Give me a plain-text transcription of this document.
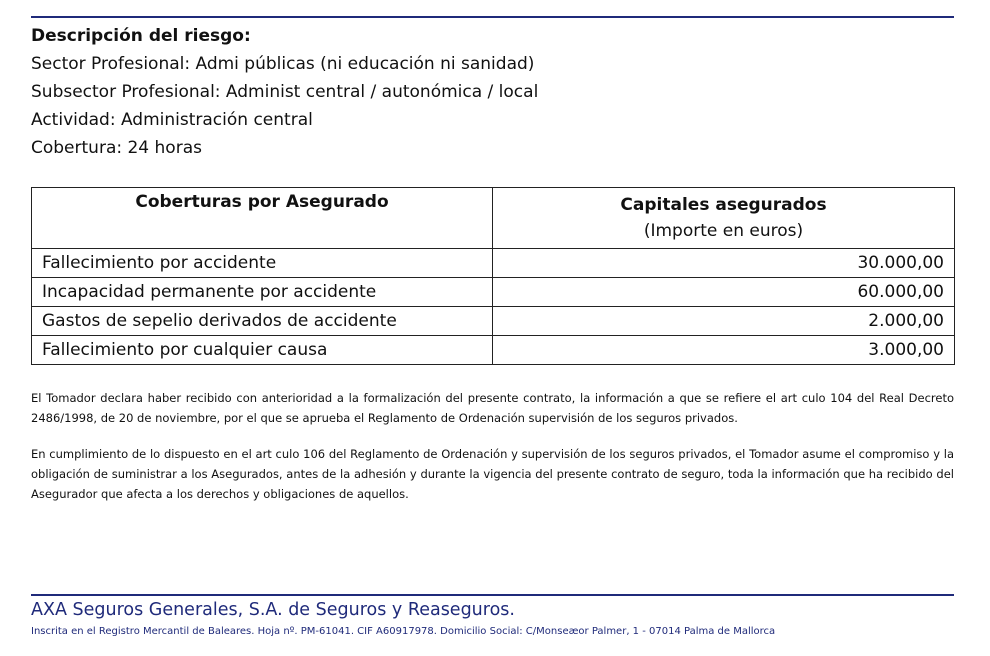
Descripción del riesgo:
Sector Profesional: Admi públicas (ni educación ni sanidad)
Subsector Profesional: Administ central / autonómica / local
Actividad: Administración central
Cobertura: 24 horas
Coberturas por Asegurado	Capitales asegurados
(Importe en euros)

Fallecimiento por accidente	30.000,00
Incapacidad permanente por accidente	60.000,00
Gastos de sepelio derivados de accidente	2.000,00
Fallecimiento por cualquier causa	3.000,00
El Tomador declara haber recibido con anterioridad a la formalización del presente contrato, la información a que se refiere el art culo 104 del Real Decreto 2486/1998, de 20 de noviembre, por el que se aprueba el Reglamento de Ordenación supervisión de los seguros privados.
En cumplimiento de lo dispuesto en el art culo 106 del Reglamento de Ordenación y supervisión de los seguros privados, el Tomador asume el compromiso y la obligación de suministrar a los Asegurados, antes de la adhesión y durante la vigencia del presente contrato de seguro, toda la información que ha recibido del Asegurador que afecta a los derechos y obligaciones de aquellos.
AXA Seguros Generales, S.A. de Seguros y Reaseguros.
Inscrita en el Registro Mercantil de Baleares. Hoja nº. PM-61041. CIF A60917978. Domicilio Social: C/Monseæor Palmer, 1 - 07014 Palma de Mallorca
